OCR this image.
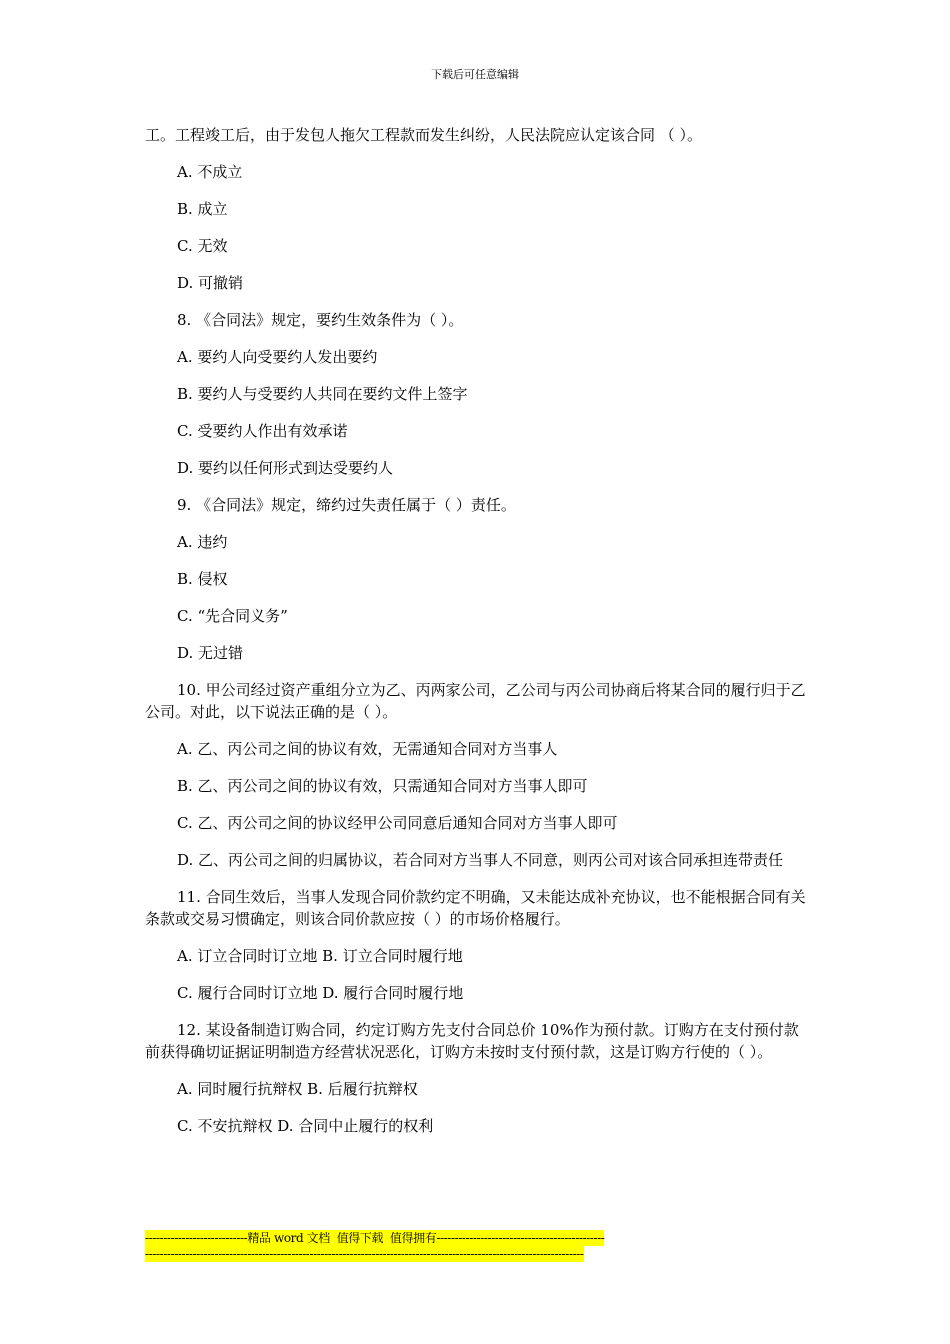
下载后可任意编辑
工。工程竣工后，由于发包人拖欠工程款而发生纠纷，人民法院应认定该合同 （ ）。
A. 不成立
B. 成立
C. 无效
D. 可撤销
8. 《合同法》规定，要约生效条件为（ ）。
A. 要约人向受要约人发出要约
B. 要约人与受要约人共同在要约文件上签字
C. 受要约人作出有效承诺
D. 要约以任何形式到达受要约人
9. 《合同法》规定，缔约过失责任属于（ ）责任。
A. 违约
B. 侵权
C. “先合同义务”
D. 无过错
10. 甲公司经过资产重组分立为乙、丙两家公司，乙公司与丙公司协商后将某合同的履行归于乙公司。对此，以下说法正确的是（ ）。
A. 乙、丙公司之间的协议有效，无需通知合同对方当事人
B. 乙、丙公司之间的协议有效，只需通知合同对方当事人即可
C. 乙、丙公司之间的协议经甲公司同意后通知合同对方当事人即可
D. 乙、丙公司之间的归属协议，若合同对方当事人不同意，则丙公司对该合同承担连带责任
11. 合同生效后，当事人发现合同价款约定不明确，又未能达成补充协议，也不能根据合同有关条款或交易习惯确定，则该合同价款应按（ ）的市场价格履行。
A. 订立合同时订立地 B. 订立合同时履行地
C. 履行合同时订立地 D. 履行合同时履行地
12. 某设备制造订购合同，约定订购方先支付合同总价 10%作为预付款。订购方在支付预付款前获得确切证据证明制造方经营状况恶化，订购方未按时支付预付款，这是订购方行使的（ ）。
A. 同时履行抗辩权 B. 后履行抗辩权
C. 不安抗辩权 D. 合同中止履行的权利
----------------------------精品 word 文档  值得下载  值得拥有----------------------------------------------
------------------------------------------------------------------------------------------------------------------------
